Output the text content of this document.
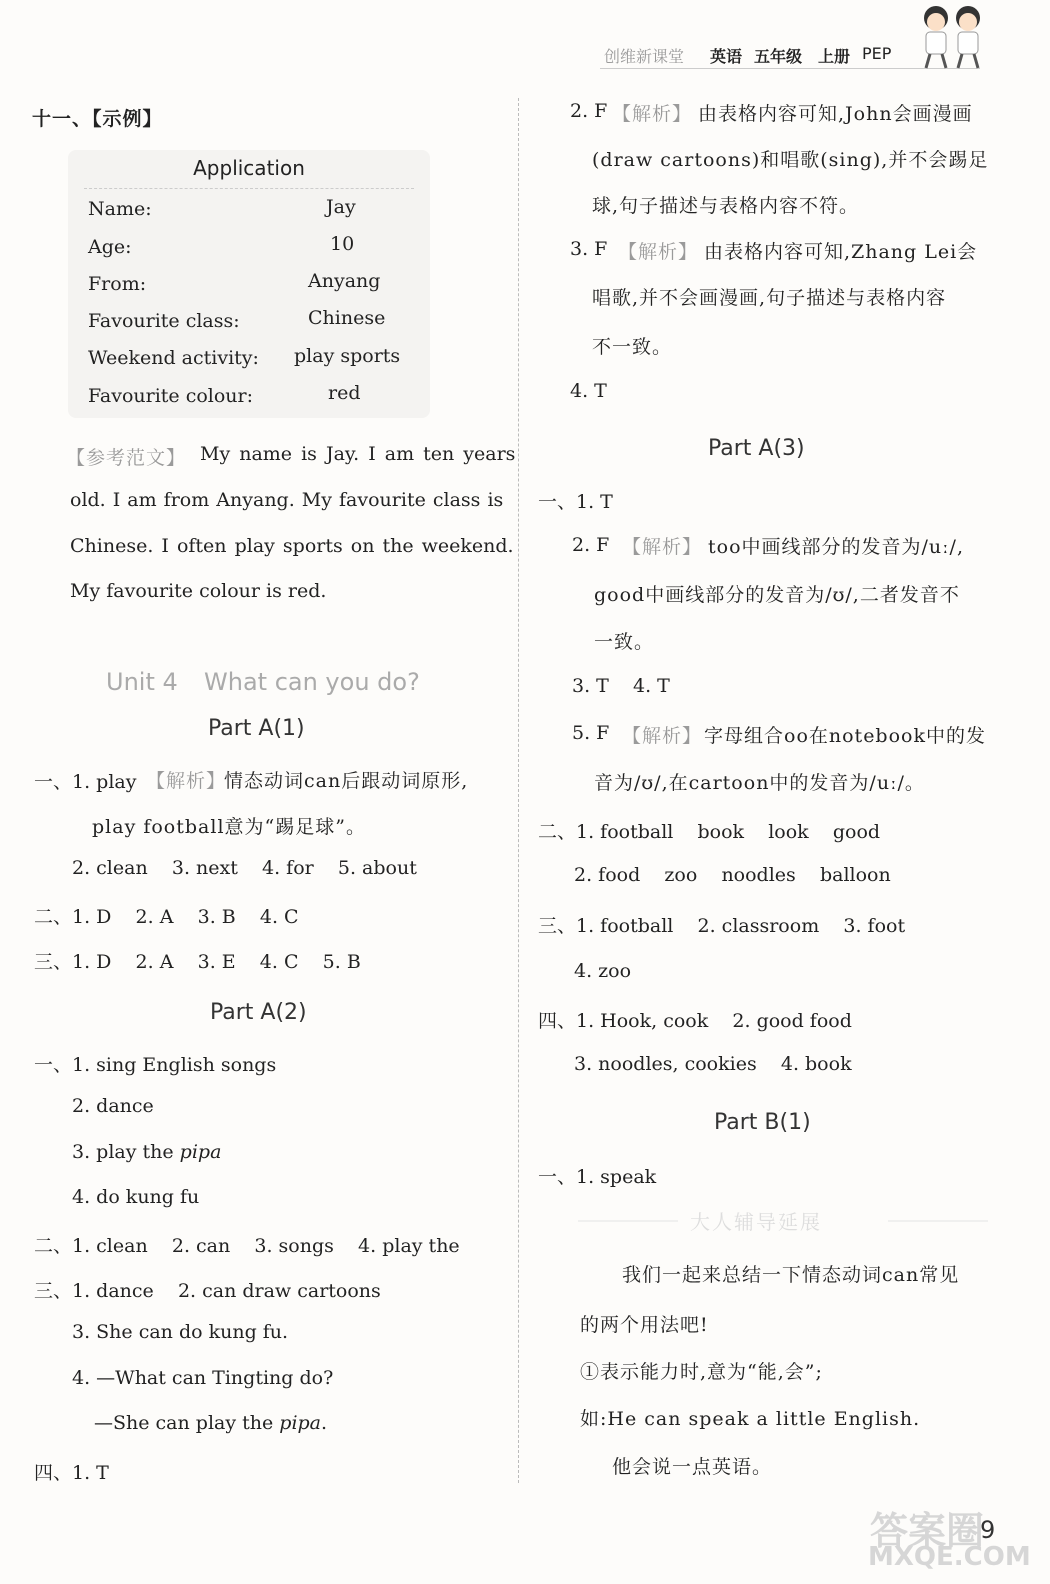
创维新课堂 英语 五年级 上册 PEP
十一、【示例】
Application
Name:	Jay
Age:	10
From:	Anyang
Favourite class:	Chinese
Weekend activity: play sports
Favourite colour:	red
【参考范文】 My name is Jay. I am ten years
old. I am from Anyang. My favourite class is
Chinese. I often play sports on the weekend.
My favourite colour is red.
Unit 4 What can you do?
Part A(1)
一、1. play 【解析】
情态动词can后跟动词原形,
play football意为“踢足球”。
2. clean    3. next    4. for    5. about
二、1. D    2. A    3. B    4. C
三、1. D    2. A    3. E    4. C    5. B
Part A(2)
一、1. sing English songs
2. dance
3. play the pipa
4. do kung fu
二、1. clean    2. can    3. songs    4. play the
三、1. dance    2. can draw cartoons
3. She can do kung fu.
4. —What can Tingting do?
—She can play the pipa.
四、1. T
2. F 【解析】 由表格内容可知,John会画漫画
(draw cartoons)和唱歌(sing),并不会踢足
球,句子描述与表格内容不符。
3. F 【解析】 由表格内容可知,Zhang Lei会
唱歌,并不会画漫画,句子描述与表格内容
不一致。
4. T
Part A(3)
一、1. T
2. F 【解析】 too中画线部分的发音为/uː/,
good中画线部分的发音为/ʊ/,二者发音不
一致。
3. T    4. T
5. F 【解析】 字母组合oo在notebook中的发
音为/ʊ/,在cartoon中的发音为/uː/。
二、1. football    book    look    good
2. food    zoo    noodles    balloon
三、1. football    2. classroom    3. foot
4. zoo
四、1. Hook, cook    2. good food
3. noodles, cookies    4. book
Part B(1)
一、1. speak
大人辅导延展
我们一起来总结一下情态动词can常见
的两个用法吧!
①表示能力时,意为“能,会”;
如:He can speak a little English.
他会说一点英语。
9
答案圈
MXQE.COM
